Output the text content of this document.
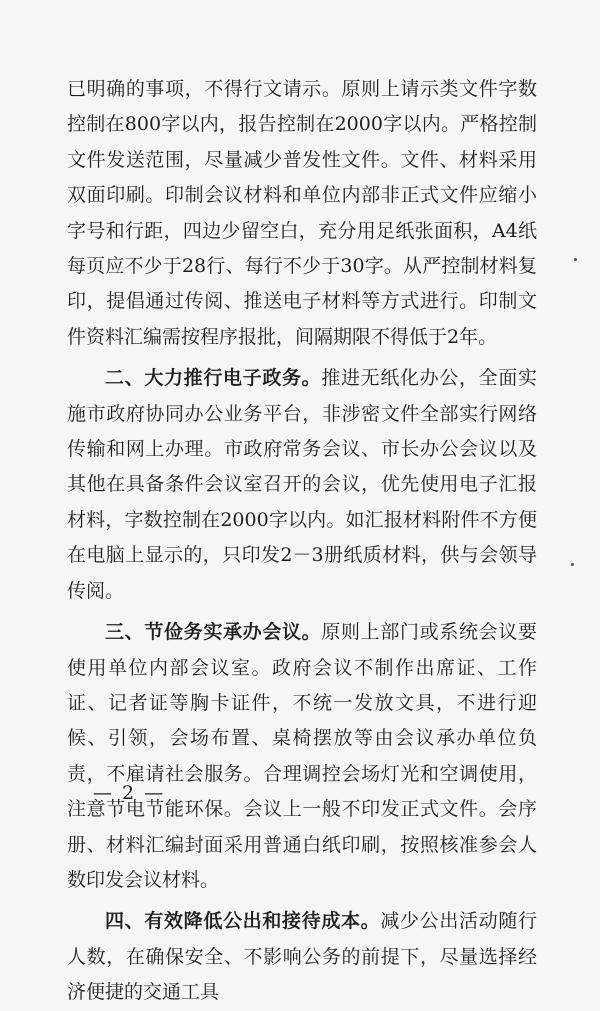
已明确的事项，不得行文请示。原则上请示类文件字数控制在800字以内，报告控制在2000字以内。严格控制文件发送范围，尽量减少普发性文件。文件、材料采用双面印刷。印制会议材料和单位内部非正式文件应缩小字号和行距，四边少留空白，充分用足纸张面积，A4纸每页应不少于28行、每行不少于30字。从严控制材料复印，提倡通过传阅、推送电子材料等方式进行。印制文件资料汇编需按程序报批，间隔期限不得低于2年。

二、大力推行电子政务。推进无纸化办公，全面实施市政府协同办公业务平台，非涉密文件全部实行网络传输和网上办理。市政府常务会议、市长办公会议以及其他在具备条件会议室召开的会议，优先使用电子汇报材料，字数控制在2000字以内。如汇报材料附件不方便在电脑上显示的，只印发2－3册纸质材料，供与会领导传阅。

三、节俭务实承办会议。原则上部门或系统会议要使用单位内部会议室。政府会议不制作出席证、工作证、记者证等胸卡证件，不统一发放文具，不进行迎候、引领，会场布置、桌椅摆放等由会议承办单位负责，不雇请社会服务。合理调控会场灯光和空调使用，注意节电节能环保。会议上一般不印发正式文件。会序册、材料汇编封面采用普通白纸印刷，按照核准参会人数印发会议材料。

四、有效降低公出和接待成本。减少公出活动随行人数，在确保安全、不影响公务的前提下，尽量选择经济便捷的交通工具

— 2 —
